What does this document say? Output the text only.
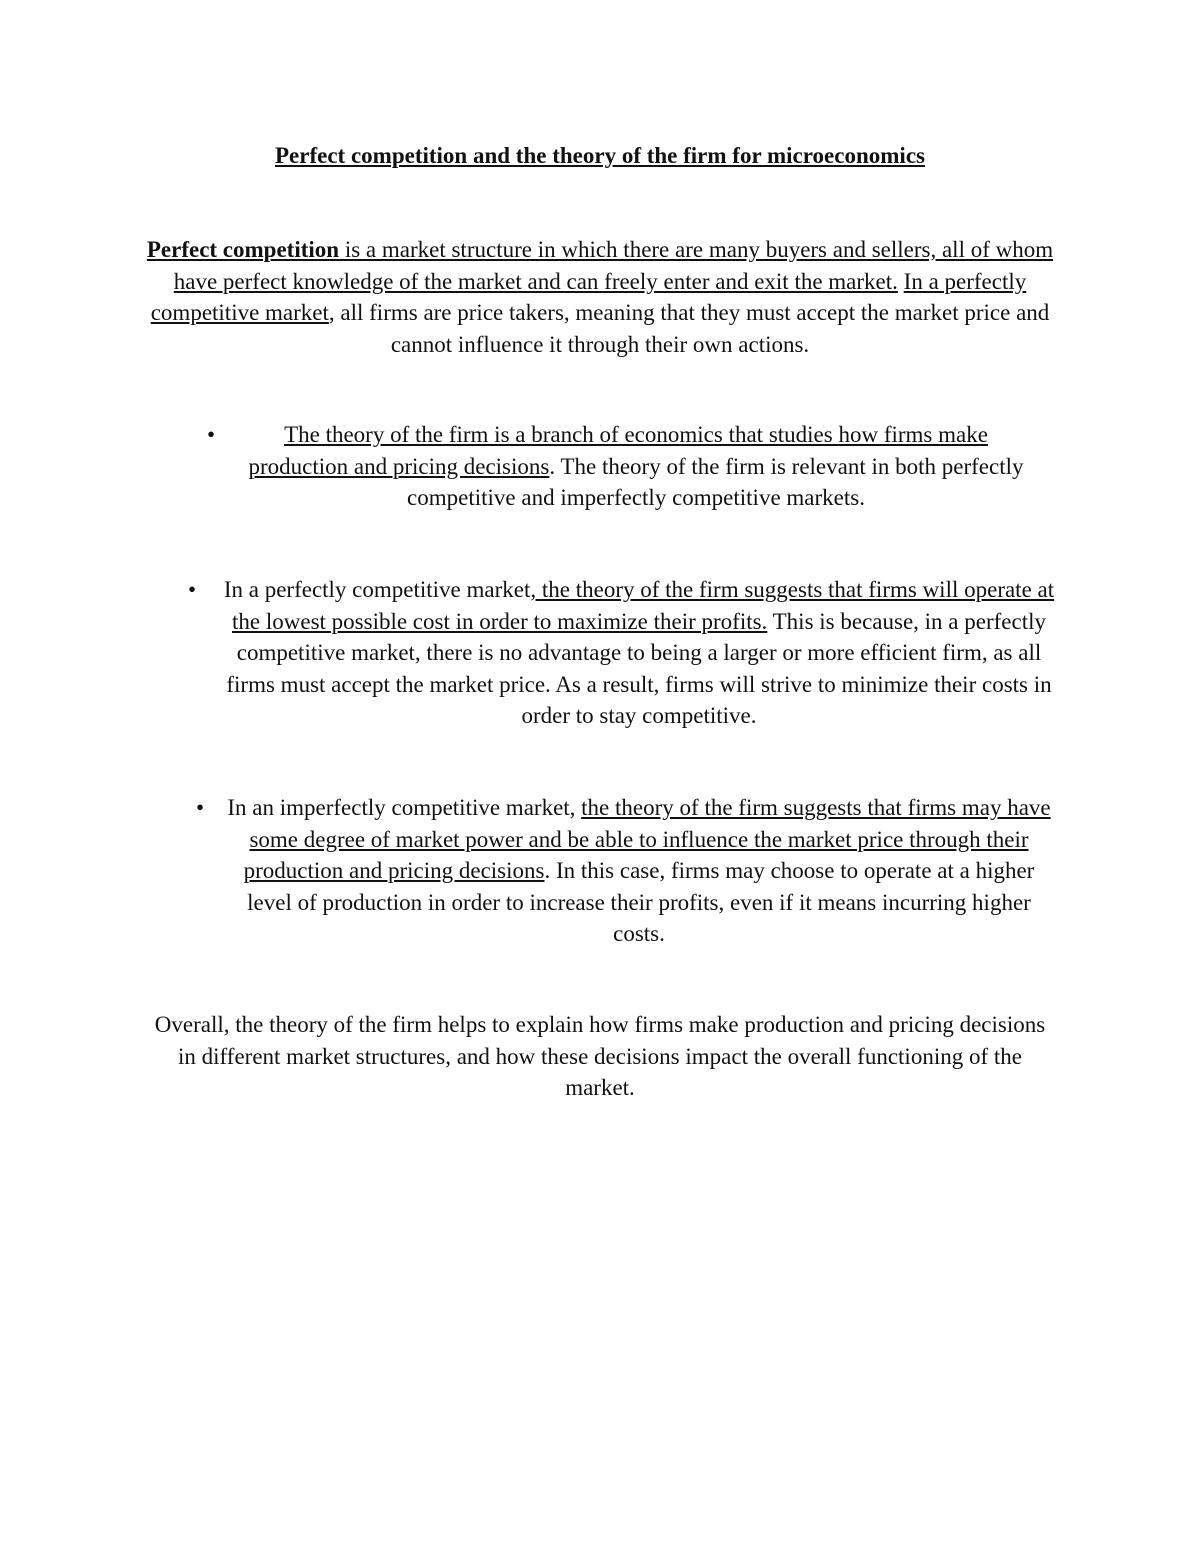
Perfect competition and the theory of the firm for microeconomics

Perfect competition is a market structure in which there are many buyers and sellers, all of whom have perfect knowledge of the market and can freely enter and exit the market. In a perfectly competitive market, all firms are price takers, meaning that they must accept the market price and cannot influence it through their own actions.

•	The theory of the firm is a branch of economics that studies how firms make production and pricing decisions. The theory of the firm is relevant in both perfectly competitive and imperfectly competitive markets.

•	In a perfectly competitive market, the theory of the firm suggests that firms will operate at the lowest possible cost in order to maximize their profits. This is because, in a perfectly competitive market, there is no advantage to being a larger or more efficient firm, as all firms must accept the market price. As a result, firms will strive to minimize their costs in order to stay competitive.

•	In an imperfectly competitive market, the theory of the firm suggests that firms may have some degree of market power and be able to influence the market price through their production and pricing decisions. In this case, firms may choose to operate at a higher level of production in order to increase their profits, even if it means incurring higher costs.

Overall, the theory of the firm helps to explain how firms make production and pricing decisions in different market structures, and how these decisions impact the overall functioning of the market.
